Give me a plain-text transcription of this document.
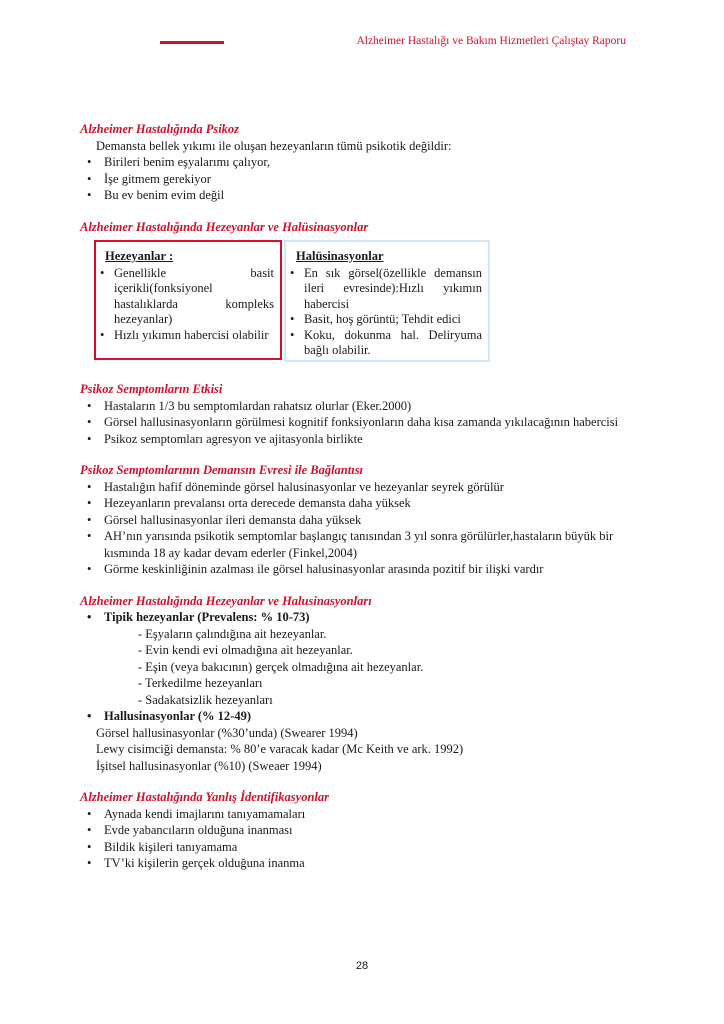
Alzheimer Hastalığı ve Bakım Hizmetleri Çalıştay Raporu

Alzheimer Hastalığında Psikoz

Demansta bellek yıkımı ile oluşan hezeyanların tümü psikotik değildir:

• Birileri benim eşyalarımı çalıyor,
• İşe gitmem gerekiyor
• Bu ev benim evim değil

Alzheimer Hastalığında Hezeyanlar ve Halüsinasyonlar

Hezeyanlar :

• Genellikle basit içerikli(fonksiyonel hastalıklarda kompleks hezeyanlar)
• Hızlı yıkımın habercisi olabilir

Halüsinasyonlar

• En sık görsel(özellikle demansın ileri evresinde):Hızlı yıkımın habercisi
• Basit, hoş görüntü; Tehdit edici
• Koku, dokunma hal. Deliryuma bağlı olabilir.

Psikoz Semptomların Etkisi

• Hastaların 1/3 bu semptomlardan rahatsız olurlar (Eker.2000)
• Görsel hallusinasyonların görülmesi kognitif fonksiyonların daha kısa zamanda yıkılacağının habercisi
• Psikoz semptomları agresyon ve ajitasyonla birlikte

Psikoz Semptomlarının Demansın Evresi ile Bağlantısı

• Hastalığın hafif döneminde görsel halusinasyonlar ve hezeyanlar seyrek görülür
• Hezeyanların prevalansı orta derecede demansta daha yüksek
• Görsel hallusinasyonlar ileri demansta daha yüksek
• AH’nın yarısında psikotik semptomlar başlangıç tanısından 3 yıl sonra görülürler,hastaların büyük bir kısmında 18 ay kadar devam ederler (Finkel,2004)
• Görme keskinliğinin azalması ile görsel halusinasyonlar arasında pozitif bir ilişki vardır

Alzheimer Hastalığında Hezeyanlar ve Halusinasyonları

• Tipik hezeyanlar (Prevalens: % 10-73)
- Eşyaların çalındığına ait hezeyanlar.
- Evin kendi evi olmadığına ait hezeyanlar.
- Eşin (veya bakıcının) gerçek olmadığına ait hezeyanlar.
- Terkedilme hezeyanları
- Sadakatsizlik hezeyanları
• Hallusinasyonlar (% 12-49)

Görsel hallusinasyonlar (%30’unda) (Swearer 1994)

Lewy cisimciği demansta: % 80’e varacak kadar (Mc Keith ve ark. 1992)

İşitsel hallusinasyonlar (%10) (Sweaer 1994)

Alzheimer Hastalığında Yanlış İdentifikasyonlar

• Aynada kendi imajlarını tanıyamamaları
• Evde yabancıların olduğuna inanması
• Bildik kişileri tanıyamama
• TV’ki kişilerin gerçek olduğuna inanma
28
